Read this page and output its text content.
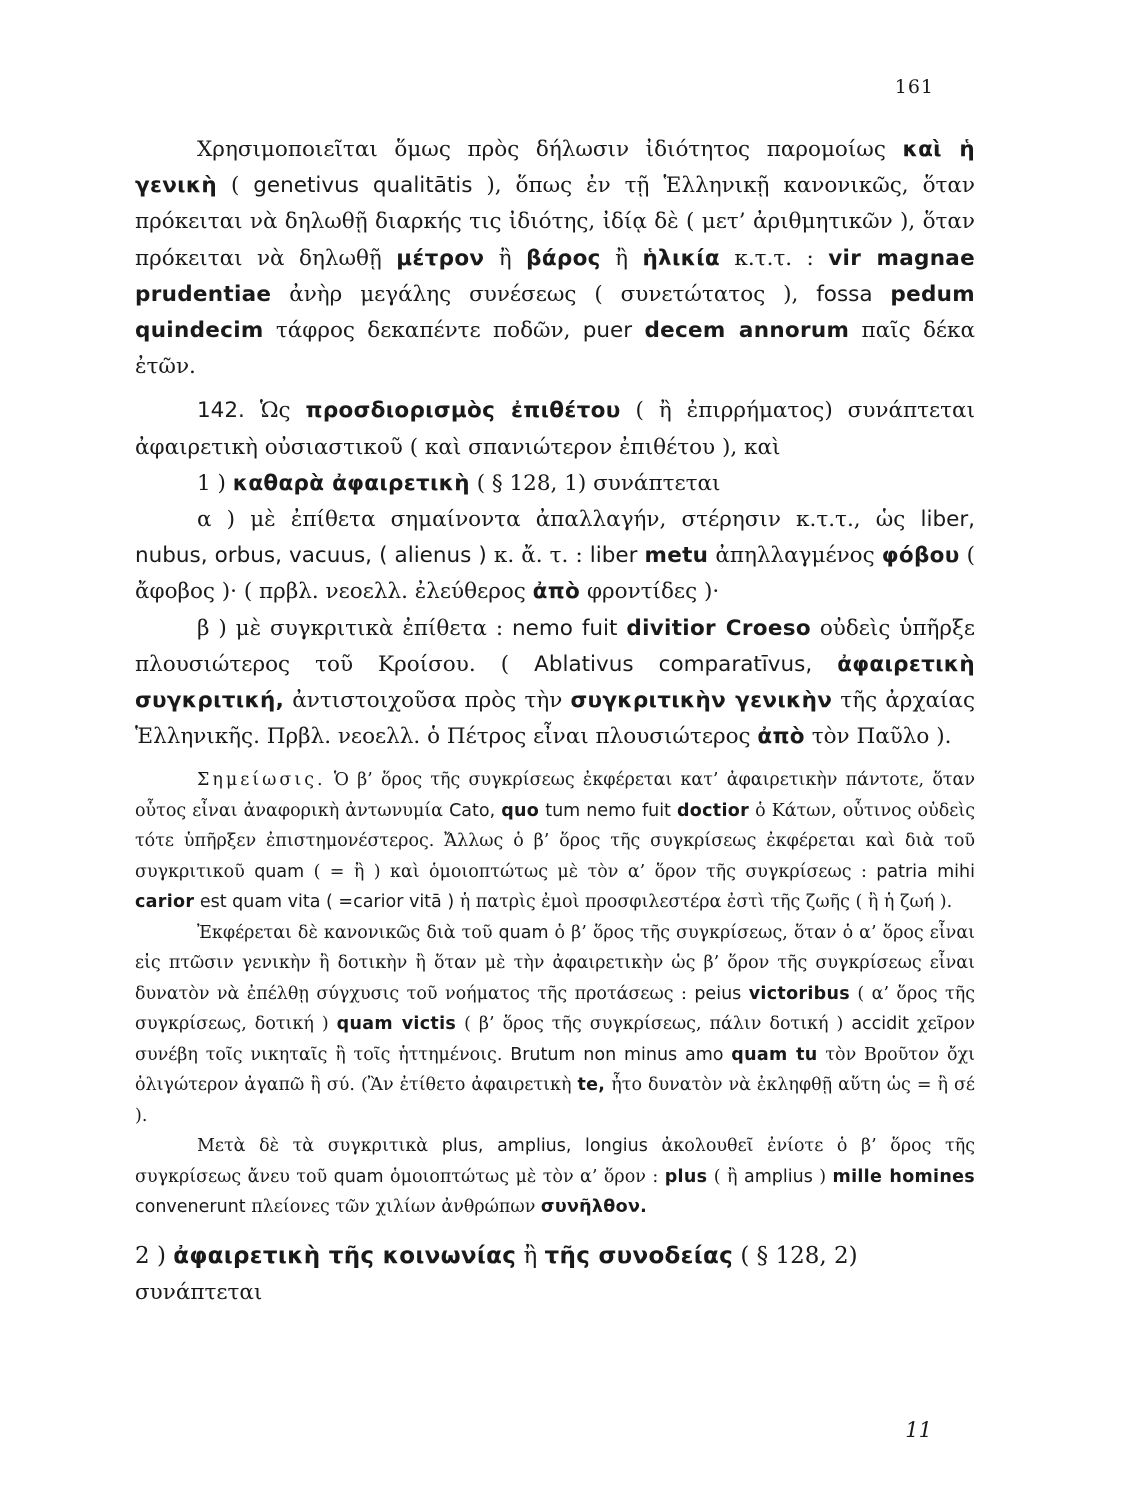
161

Χρησιμοποιεῖται ὅμως πρὸς δήλωσιν ἰδιότητος παρομοίως καὶ ἡ γενικὴ ( genetivus qualitātis ), ὅπως ἐν τῇ Ἑλληνικῇ κανονικῶς, ὅταν πρόκειται νὰ δηλωθῇ διαρκής τις ἰδιότης, ἰδίᾳ δὲ ( μετ’ ἀριθμητικῶν ), ὅταν πρόκειται νὰ δηλωθῇ μέτρον ἢ βάρος ἢ ἡλικία κ.τ.τ. : vir magnae prudentiae ἀνὴρ μεγάλης συνέσεως ( συνετώτατος ), fossa pedum quindecim τάφρος δεκαπέντε ποδῶν, puer decem annorum παῖς δέκα ἐτῶν.

142. Ὡς προσδιορισμὸς ἐπιθέτου ( ἢ ἐπιρρήματος) συνάπτεται ἀφαιρετικὴ οὐσιαστικοῦ ( καὶ σπανιώτερον ἐπιθέτου ), καὶ

1 ) καθαρὰ ἀφαιρετικὴ ( § 128, 1) συνάπτεται

α ) μὲ ἐπίθετα σημαίνοντα ἀπαλλαγήν, στέρησιν κ.τ.τ., ὡς liber, nubus, orbus, vacuus, ( alienus ) κ. ἄ. τ. : liber metu ἀπηλλαγμένος φόβου ( ἄφοβος )· ( πρβλ. νεοελλ. ἐλεύθερος ἀπὸ φροντίδες )·

β ) μὲ συγκριτικὰ ἐπίθετα : nemo fuit divitior Croeso οὐδεὶς ὑπῆρξε πλουσιώτερος τοῦ Κροίσου. ( Ablativus comparatīvus, ἀφαιρετικὴ συγκριτική, ἀντιστοιχοῦσα πρὸς τὴν συγκριτικὴν γενικὴν τῆς ἀρχαίας Ἑλληνικῆς. Πρβλ. νεοελλ. ὁ Πέτρος εἶναι πλουσιώτερος ἀπὸ τὸν Παῦλο ).

Σημείωσις. Ὁ β’ ὅρος τῆς συγκρίσεως ἐκφέρεται κατ’ ἀφαιρετικὴν πάντοτε, ὅταν οὗτος εἶναι ἀναφορικὴ ἀντωνυμία Cato, quo tum nemo fuit doctior ὁ Κάτων, οὗτινος οὐδεὶς τότε ὑπῆρξεν ἐπιστημονέστερος. Ἄλλως ὁ β’ ὅρος τῆς συγκρίσεως ἐκφέρεται καὶ διὰ τοῦ συγκριτικοῦ quam ( = ἢ ) καὶ ὁμοιοπτώτως μὲ τὸν α’ ὅρον τῆς συγκρίσεως : patria mihi carior est quam vita ( =carior vitā ) ἡ πατρὶς ἐμοὶ προσφιλεστέρα ἐστὶ τῆς ζωῆς ( ἢ ἡ ζωή ).

Ἐκφέρεται δὲ κανονικῶς διὰ τοῦ quam ὁ β’ ὅρος τῆς συγκρίσεως, ὅταν ὁ α’ ὅρος εἶναι εἰς πτῶσιν γενικὴν ἢ δοτικὴν ἢ ὅταν μὲ τὴν ἀφαιρετικὴν ὡς β’ ὅρον τῆς συγκρίσεως εἶναι δυνατὸν νὰ ἐπέλθῃ σύγχυσις τοῦ νοήματος τῆς προτάσεως : peius victoribus ( α’ ὅρος τῆς συγκρίσεως, δοτική ) quam victis ( β’ ὅρος τῆς συγκρίσεως, πάλιν δοτική ) accidit χεῖρον συνέβη τοῖς νικηταῖς ἢ τοῖς ἡττημένοις. Brutum non minus amo quam tu τὸν Βροῦτον ὄχι ὀλιγώτερον ἀγαπῶ ἢ σύ. (Ἂν ἐτίθετο ἀφαιρετικὴ te, ἦτο δυνατὸν νὰ ἐκληφθῇ αὕτη ὡς = ἢ σέ ).

Μετὰ δὲ τὰ συγκριτικὰ plus, amplius, longius ἀκολουθεῖ ἐνίοτε ὁ β’ ὅρος τῆς συγκρίσεως ἄνευ τοῦ quam ὁμοιοπτώτως μὲ τὸν α’ ὅρον : plus ( ἢ amplius ) mille homines convenerunt πλείονες τῶν χιλίων ἀνθρώπων συνῆλθον.

2 ) ἀφαιρετικὴ τῆς κοινωνίας ἢ τῆς συνοδείας ( § 128, 2)

συνάπτεται

11
